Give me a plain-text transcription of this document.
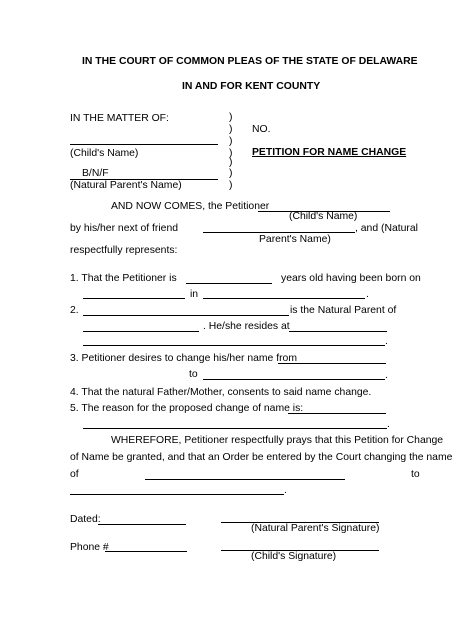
IN THE COURT OF COMMON PLEAS OF THE STATE OF DELAWARE
IN AND FOR KENT COUNTY
IN THE MATTER OF:
(Child's Name)
B/N/F
(Natural Parent's Name)
)
)
)
)
)
)
)
NO.
PETITION FOR NAME CHANGE
AND NOW COMES, the Petitioner
(Child's Name)
by his/her next of friend	, and (Natural
Parent's Name)
respectfully represents:
1. That the Petitioner is	years old having been born on
in	.
2.	is the Natural Parent of
. He/she resides at
.
3. Petitioner desires to change his/her name from
to	.
4. That the natural Father/Mother, consents to said name change.
5. The reason for the proposed change of name is:
.
WHEREFORE, Petitioner respectfully prays that this Petition for Change
of Name be granted, and that an Order be entered by the Court changing the name
of	to
.
Dated:
(Natural Parent's Signature)
Phone #
(Child's Signature)
